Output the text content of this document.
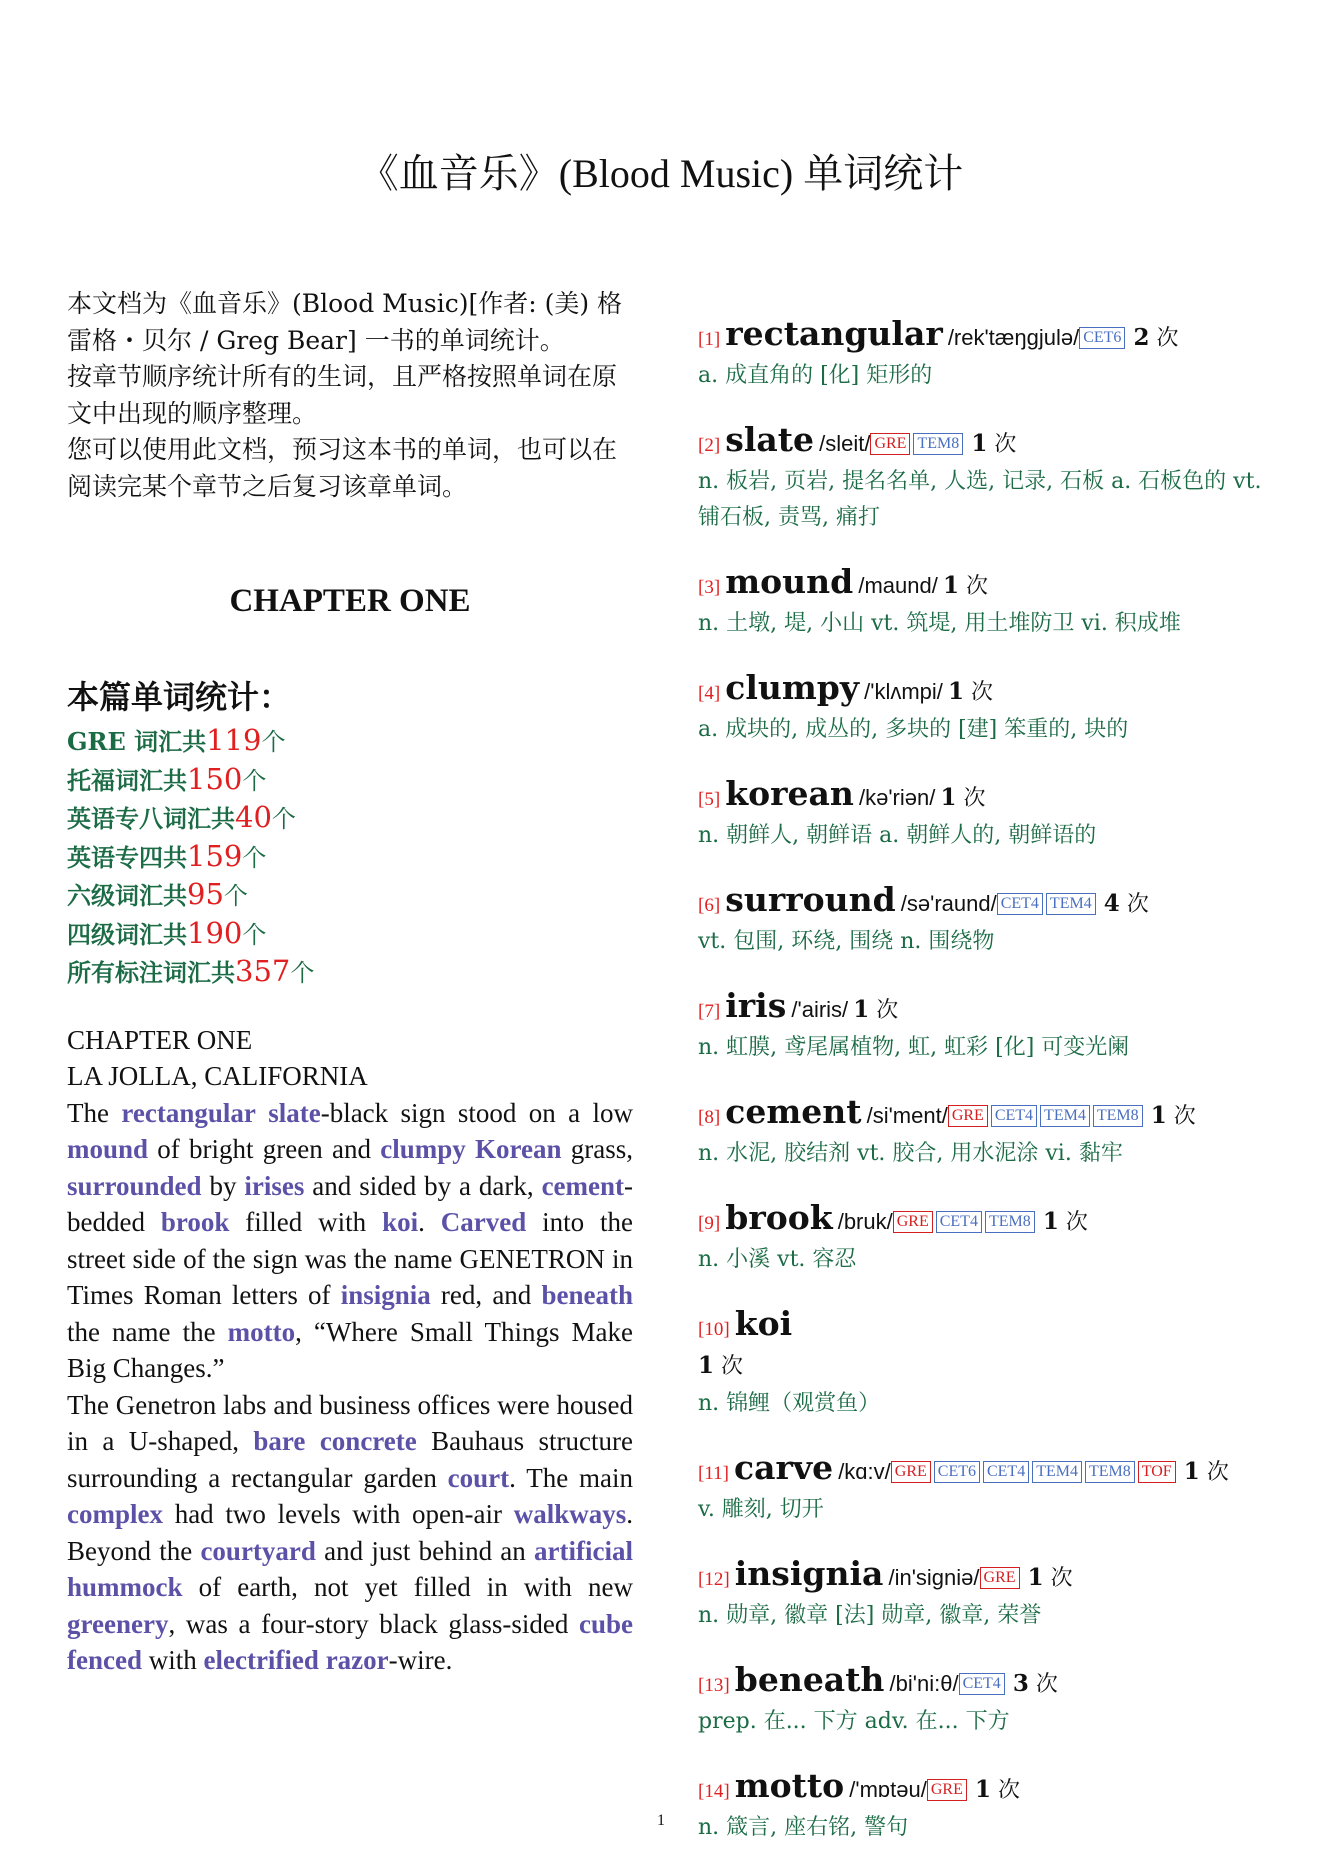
《血音乐》(Blood Music) 单词统计

本文档为《血音乐》(Blood Music)[作者: (美) 格雷格・贝尔 / Greg Bear] 一书的单词统计。

按章节顺序统计所有的生词，且严格按照单词在原文中出现的顺序整理。

您可以使用此文档，预习这本书的单词，也可以在阅读完某个章节之后复习该章单词。

CHAPTER ONE
本篇单词统计：
GRE 词汇共119个
托福词汇共150个
英语专八词汇共40个
英语专四共159个
六级词汇共95个
四级词汇共190个
所有标注词汇共357个

CHAPTER ONE

LA JOLLA, CALIFORNIA

The rectangular slate-black sign stood on a low mound of bright green and clumpy Korean grass, surrounded by irises and sided by a dark, cement-bedded brook filled with koi. Carved into the street side of the sign was the name GENETRON in Times Roman letters of insignia red, and beneath the name the motto, “Where Small Things Make Big Changes.”

The Genetron labs and business offices were housed in a U-shaped, bare concrete Bauhaus structure surrounding a rectangular garden court. The main complex had two levels with open-air walkways. Beyond the courtyard and just behind an artificial hummock of earth, not yet filled in with new greenery, was a four-story black glass-sided cube fenced with electrified razor-wire.

[1] rectangular /rek'tæŋgjulə/ CET6 2 次
a. 成直角的 [化] 矩形的
[2] slate /sleit/ GRE TEM8 1 次
n. 板岩, 页岩, 提名名单, 人选, 记录, 石板 a. 石板色的 vt. 铺石板, 责骂, 痛打
[3] mound /maund/ 1 次
n. 土墩, 堤, 小山 vt. 筑堤, 用土堆防卫 vi. 积成堆
[4] clumpy /'klʌmpi/ 1 次
a. 成块的, 成丛的, 多块的 [建] 笨重的, 块的
[5] korean /kə'riən/ 1 次
n. 朝鲜人, 朝鲜语 a. 朝鲜人的, 朝鲜语的
[6] surround /sə'raund/ CET4 TEM4 4 次
vt. 包围, 环绕, 围绕 n. 围绕物
[7] iris /'airis/ 1 次
n. 虹膜, 鸢尾属植物, 虹, 虹彩 [化] 可变光阑
[8] cement /si'ment/ GRE CET4 TEM4 TEM8 1 次
n. 水泥, 胶结剂 vt. 胶合, 用水泥涂 vi. 黏牢
[9] brook /bruk/ GRE CET4 TEM8 1 次
n. 小溪 vt. 容忍
[10] koi
1 次
n. 锦鲤（观赏鱼）
[11] carve /kɑ:v/ GRE CET6 CET4 TEM4 TEM8 TOF 1 次
v. 雕刻, 切开
[12] insignia /in'signiə/ GRE 1 次
n. 勋章, 徽章 [法] 勋章, 徽章, 荣誉
[13] beneath /bi'ni:θ/ CET4 3 次
prep. 在... 下方 adv. 在... 下方
[14] motto /'mɒtəu/ GRE 1 次
n. 箴言, 座右铭, 警句
1
